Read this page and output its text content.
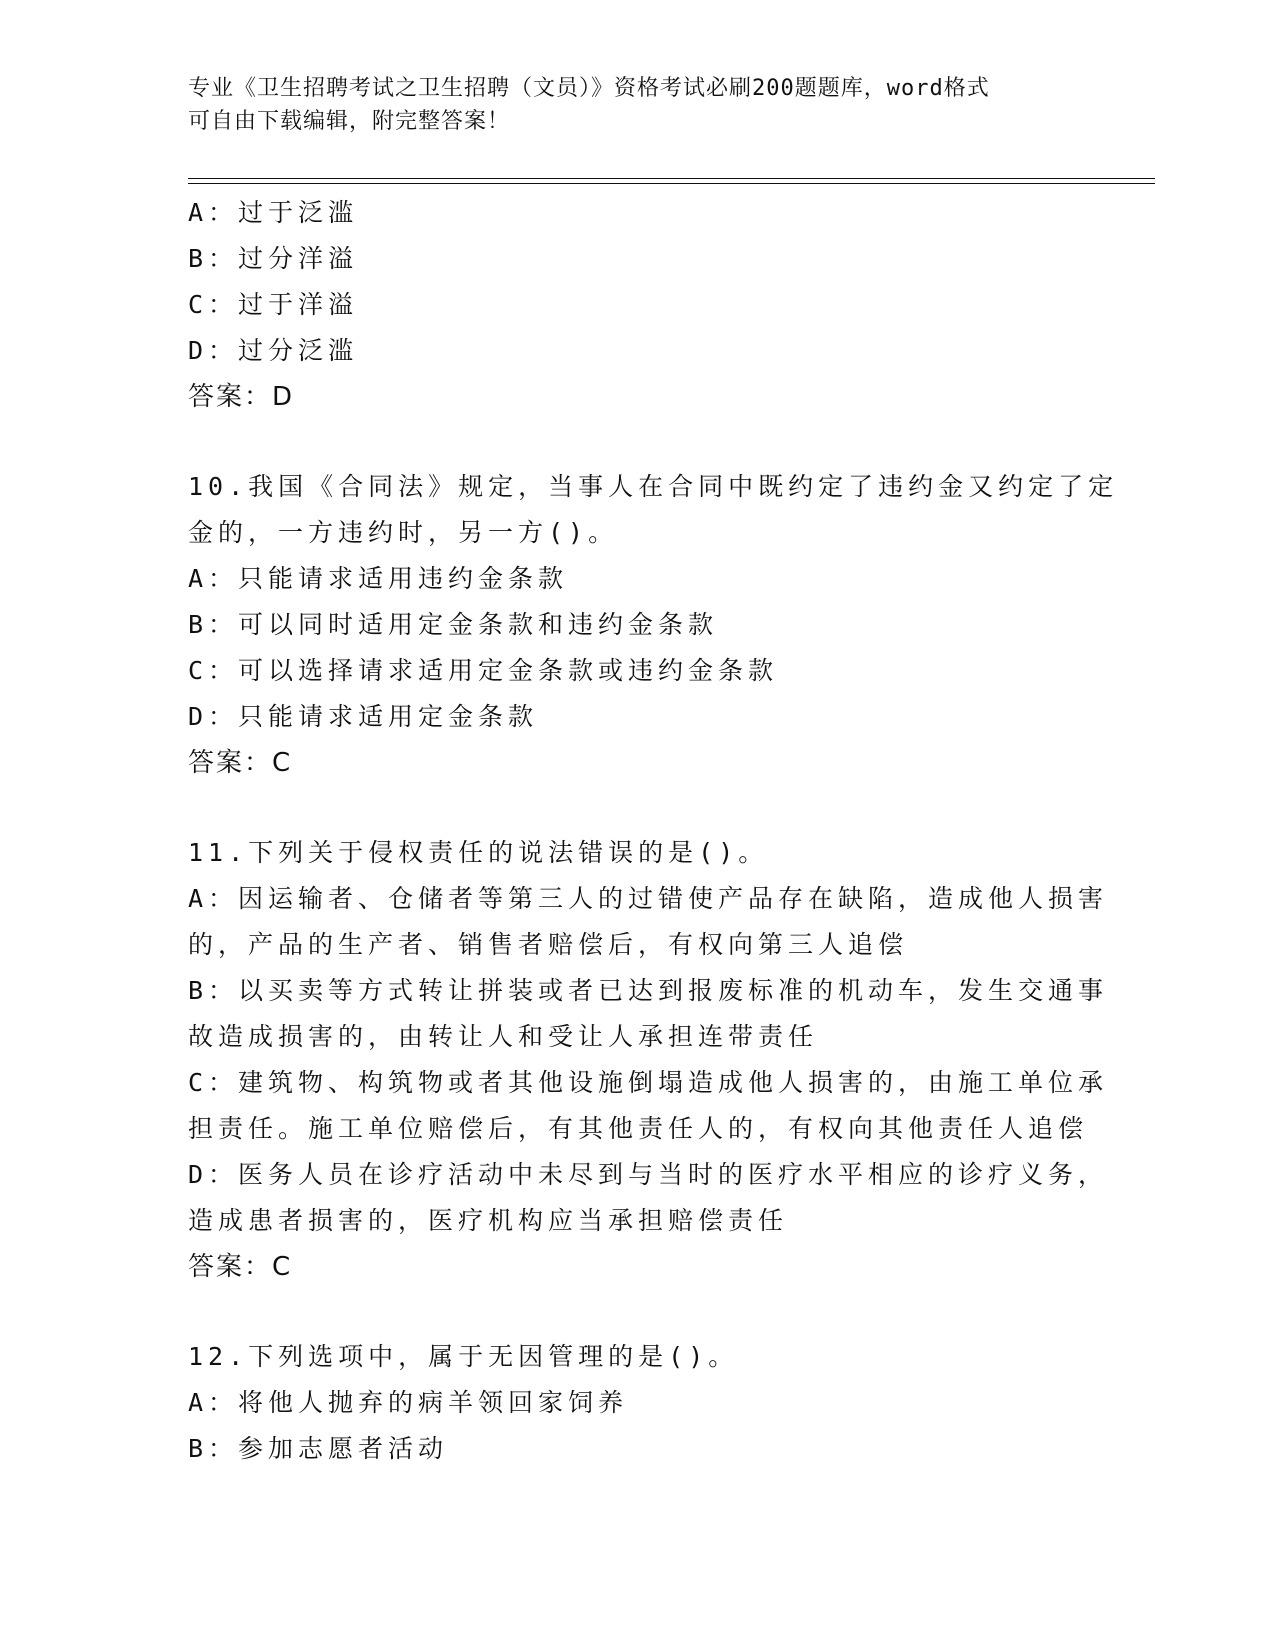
专业《卫生招聘考试之卫生招聘（文员）》资格考试必刷200题题库，word格式
可自由下载编辑，附完整答案！
A：过于泛滥
B：过分洋溢
C：过于洋溢
D：过分泛滥
答案：D
10.我国《合同法》规定，当事人在合同中既约定了违约金又约定了定
金的，一方违约时，另一方()。
A：只能请求适用违约金条款
B：可以同时适用定金条款和违约金条款
C：可以选择请求适用定金条款或违约金条款
D：只能请求适用定金条款
答案：C
11.下列关于侵权责任的说法错误的是()。
A：因运输者、仓储者等第三人的过错使产品存在缺陷，造成他人损害
的，产品的生产者、销售者赔偿后，有权向第三人追偿
B：以买卖等方式转让拼装或者已达到报废标准的机动车，发生交通事
故造成损害的，由转让人和受让人承担连带责任
C：建筑物、构筑物或者其他设施倒塌造成他人损害的，由施工单位承
担责任。施工单位赔偿后，有其他责任人的，有权向其他责任人追偿
D：医务人员在诊疗活动中未尽到与当时的医疗水平相应的诊疗义务，
造成患者损害的，医疗机构应当承担赔偿责任
答案：C
12.下列选项中，属于无因管理的是()。
A：将他人抛弃的病羊领回家饲养
B：参加志愿者活动
